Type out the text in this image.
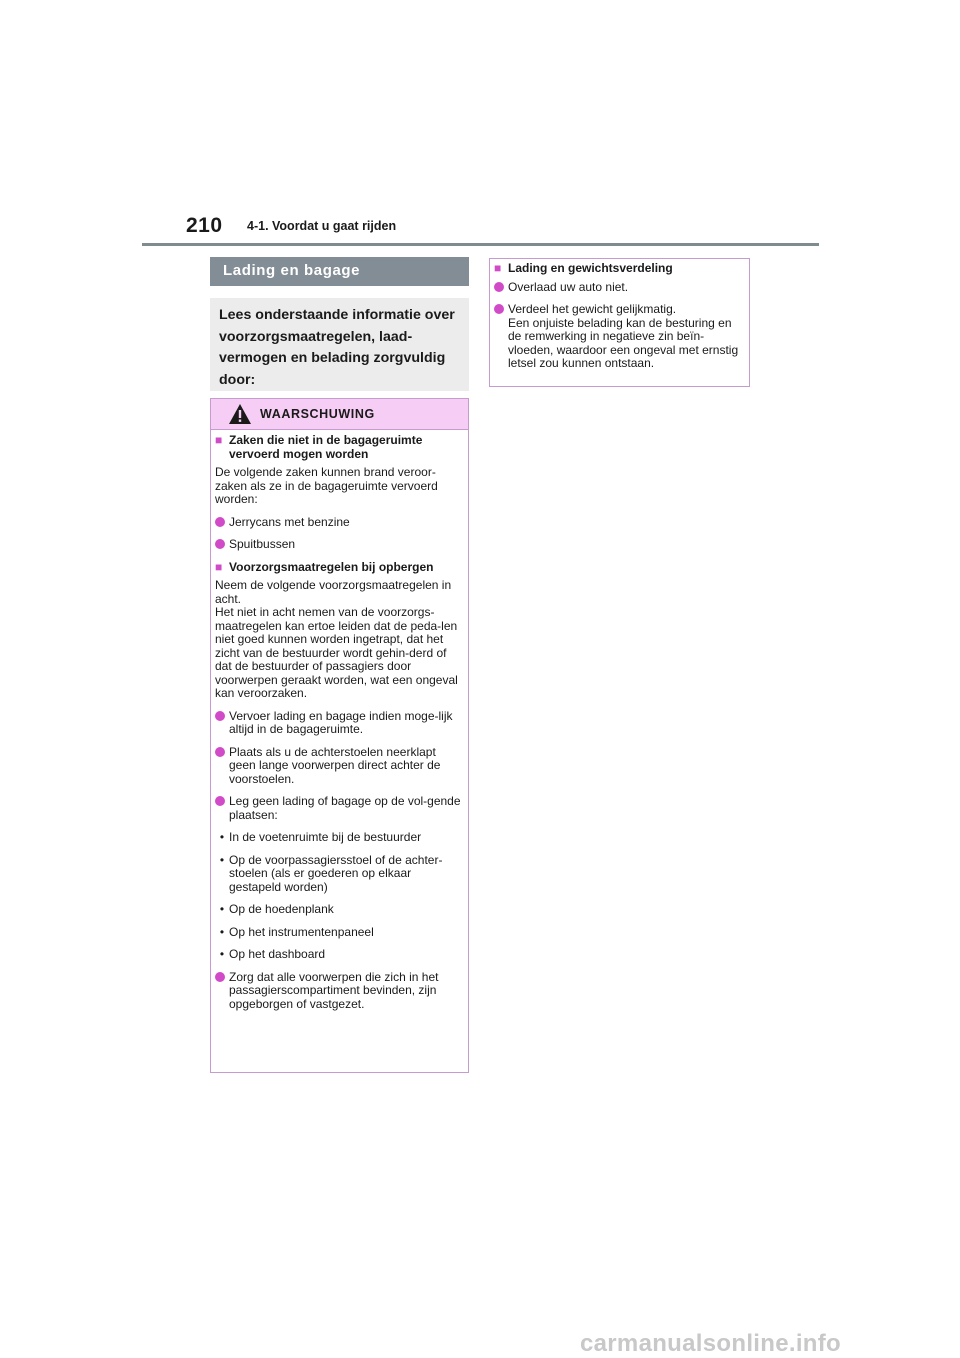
210 4-1. Voordat u gaat rijden
Lading en bagage
Lees onderstaande informatie over voorzorgsmaatregelen, laad-vermogen en belading zorgvuldig door:
WAARSCHUWING
■ Zaken die niet in de bagageruimte vervoerd mogen worden
De volgende zaken kunnen brand veroor-zaken als ze in de bagageruimte vervoerd worden:
Jerrycans met benzine
Spuitbussen
■ Voorzorgsmaatregelen bij opbergen
Neem de volgende voorzorgsmaatregelen in acht.
Het niet in acht nemen van de voorzorgs-maatregelen kan ertoe leiden dat de peda-len niet goed kunnen worden ingetrapt, dat het zicht van de bestuurder wordt gehin-derd of dat de bestuurder of passagiers door voorwerpen geraakt worden, wat een ongeval kan veroorzaken.
Vervoer lading en bagage indien moge-lijk altijd in de bagageruimte.
Plaats als u de achterstoelen neerklapt geen lange voorwerpen direct achter de voorstoelen.
Leg geen lading of bagage op de vol-gende plaatsen:
• In de voetenruimte bij de bestuurder
• Op de voorpassagiersstoel of de achter-stoelen (als er goederen op elkaar gestapeld worden)
• Op de hoedenplank
• Op het instrumentenpaneel
• Op het dashboard
Zorg dat alle voorwerpen die zich in het passagierscompartiment bevinden, zijn opgeborgen of vastgezet.
■ Lading en gewichtsverdeling
Overlaad uw auto niet.
Verdeel het gewicht gelijkmatig.
Een onjuiste belading kan de besturing en de remwerking in negatieve zin beïn-vloeden, waardoor een ongeval met ernstig letsel zou kunnen ontstaan.
carmanualsonline.info
